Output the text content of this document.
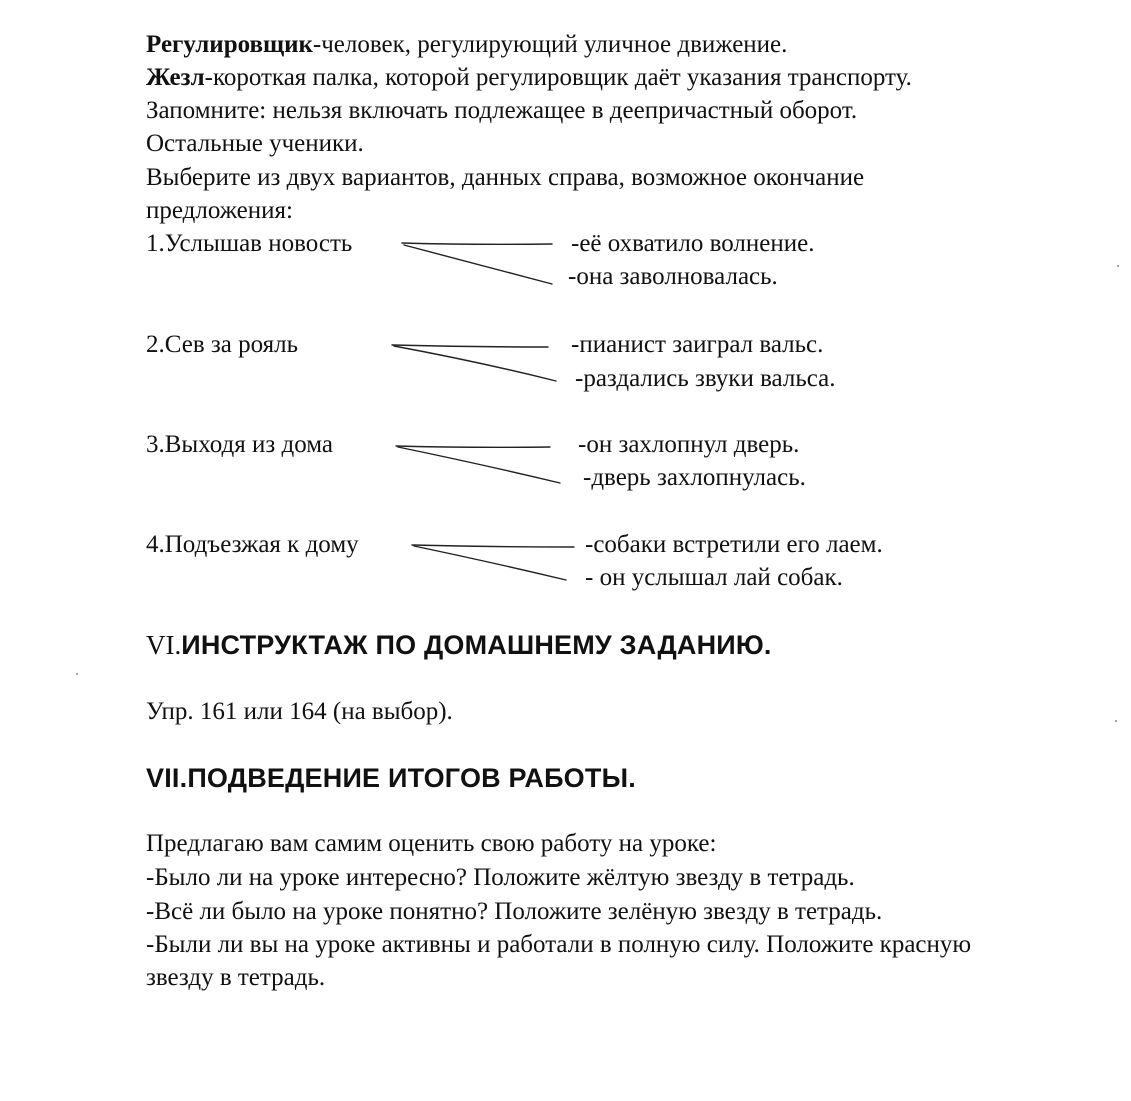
Регулировщик-человек, регулирующий уличное движение.
Жезл-короткая палка, которой регулировщик даёт указания транспорту.
Запомните: нельзя включать подлежащее в деепричастный оборот.
Остальные ученики.
Выберите из двух вариантов, данных справа, возможное окончание
предложения:
1.Услышав новость	-её охватило волнение.
-она заволновалась.
2.Сев за рояль	-пианист заиграл вальс.
-раздались звуки вальса.
3.Выходя из дома	-он захлопнул дверь.
-дверь захлопнулась.
4.Подъезжая к дому	-собаки встретили его лаем.
- он услышал лай собак.
VI.ИНСТРУКТАЖ ПО ДОМАШНЕМУ ЗАДАНИЮ.
Упр. 161 или 164 (на выбор).
VII.ПОДВЕДЕНИЕ ИТОГОВ РАБОТЫ.
Предлагаю вам самим оценить свою работу на уроке:
-Было ли на уроке интересно? Положите жёлтую звезду в тетрадь.
-Всё ли было на уроке понятно? Положите зелёную звезду в тетрадь.
-Были ли вы на уроке активны и работали в полную силу. Положите красную
звезду в тетрадь.
